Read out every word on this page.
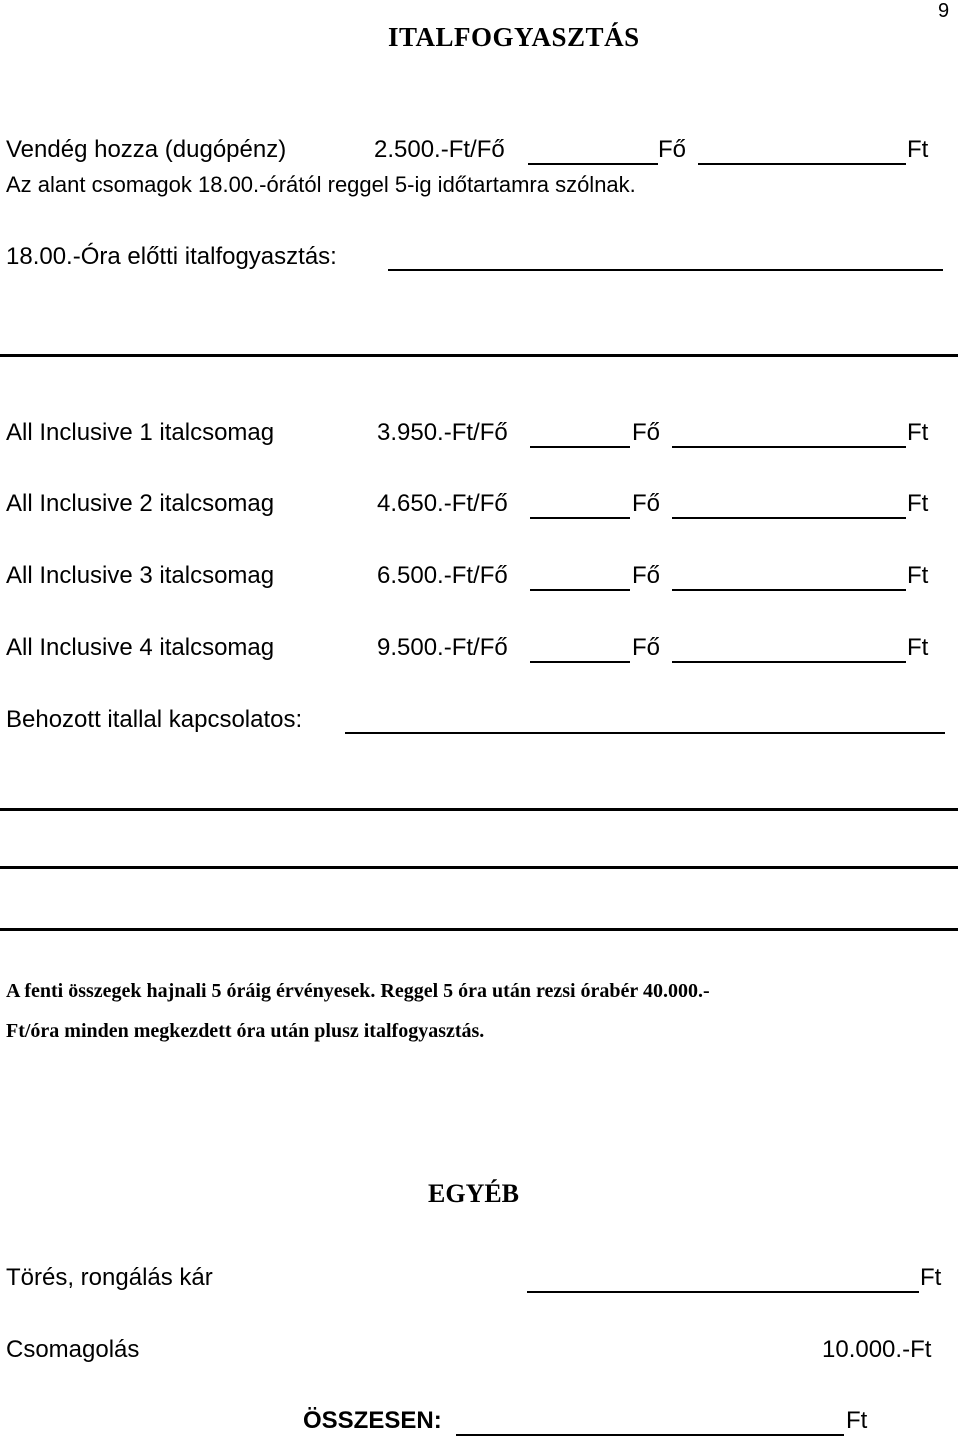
9
ITALFOGYASZTÁS
Vendég hozza (dugópénz)	2.500.-Ft/Fő	Fő	Ft
Az alant csomagok 18.00.-órától reggel 5-ig időtartamra szólnak.
18.00.-Óra előtti italfogyasztás:
All Inclusive 1 italcsomag	3.950.-Ft/Fő	Fő	Ft
All Inclusive 2 italcsomag	4.650.-Ft/Fő	Fő	Ft
All Inclusive 3 italcsomag	6.500.-Ft/Fő	Fő	Ft
All Inclusive 4 italcsomag	9.500.-Ft/Fő	Fő	Ft
Behozott itallal kapcsolatos:
A fenti összegek hajnali 5 óráig érvényesek. Reggel 5 óra után rezsi órabér 40.000.-
Ft/óra minden megkezdett óra után plusz italfogyasztás.
EGYÉB
Törés, rongálás kár	Ft
Csomagolás	10.000.-Ft
ÖSSZESEN:	Ft
